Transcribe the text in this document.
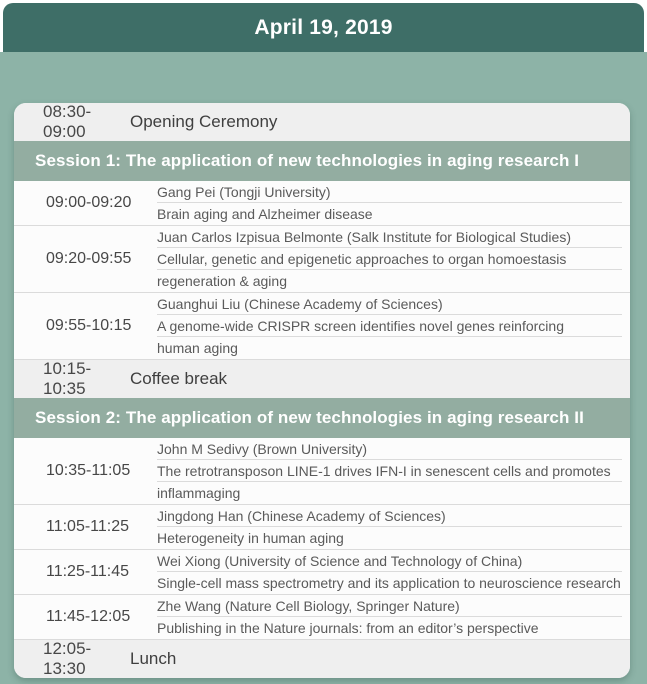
April 19, 2019
08:30-09:00
Opening Ceremony
Session 1: The application of new technologies in aging research I
09:00-09:20
Gang Pei (Tongji University)
Brain aging and Alzheimer disease
09:20-09:55
Juan Carlos Izpisua Belmonte (Salk Institute for Biological Studies)
Cellular, genetic and epigenetic approaches to organ homoestasis
regeneration & aging
09:55-10:15
Guanghui Liu (Chinese Academy of Sciences)
A genome-wide CRISPR screen identifies novel genes reinforcing
human aging
10:15-10:35
Coffee break
Session 2: The application of new technologies in aging research II
10:35-11:05
John M Sedivy (Brown University)
The retrotransposon LINE-1 drives IFN-I in senescent cells and promotes
inflammaging
11:05-11:25
Jingdong Han (Chinese Academy of Sciences)
Heterogeneity in human aging
11:25-11:45
Wei Xiong (University of Science and Technology of China)
Single-cell mass spectrometry and its application to neuroscience research
11:45-12:05
Zhe Wang (Nature Cell Biology, Springer Nature)
Publishing in the Nature journals: from an editor’s perspective
12:05-13:30
Lunch
